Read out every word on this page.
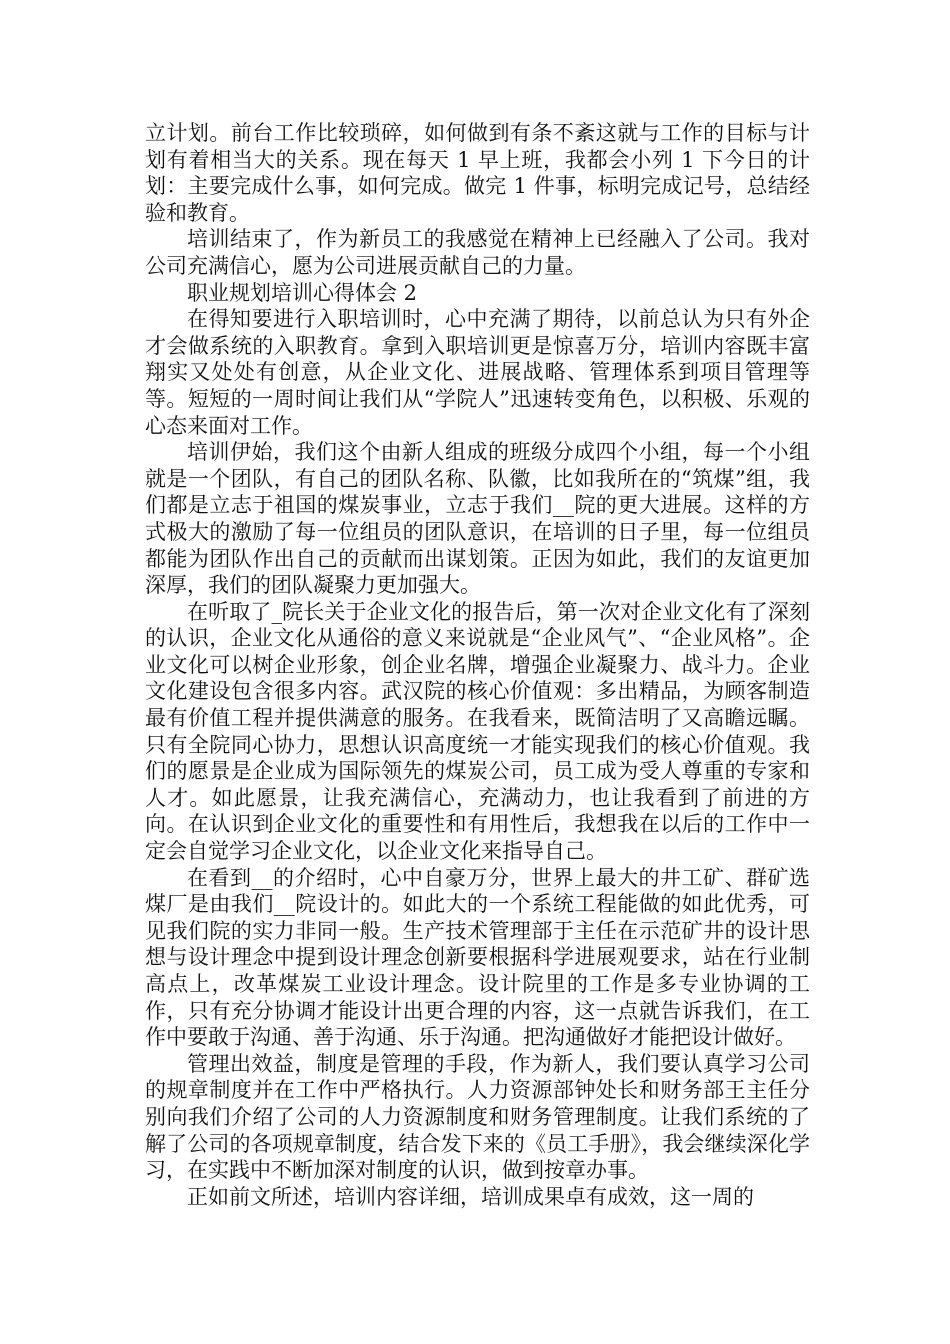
立计划。前台工作比较琐碎，如何做到有条不紊这就与工作的目标与计划有着相当大的关系。现在每天 1 早上班，我都会小列 1 下今日的计划：主要完成什么事，如何完成。做完 1 件事，标明完成记号，总结经验和教育。

培训结束了，作为新员工的我感觉在精神上已经融入了公司。我对公司充满信心，愿为公司进展贡献自己的力量。

职业规划培训心得体会 2

在得知要进行入职培训时，心中充满了期待，以前总认为只有外企才会做系统的入职教育。拿到入职培训更是惊喜万分，培训内容既丰富翔实又处处有创意，从企业文化、进展战略、管理体系到项目管理等等。短短的一周时间让我们从“学院人”迅速转变角色，以积极、乐观的心态来面对工作。

培训伊始，我们这个由新人组成的班级分成四个小组，每一个小组就是一个团队，有自己的团队名称、队徽，比如我所在的“筑煤”组，我们都是立志于祖国的煤炭事业，立志于我们__院的更大进展。这样的方式极大的激励了每一位组员的团队意识，在培训的日子里，每一位组员都能为团队作出自己的贡献而出谋划策。正因为如此，我们的友谊更加深厚，我们的团队凝聚力更加强大。

在听取了_院长关于企业文化的报告后，第一次对企业文化有了深刻的认识，企业文化从通俗的意义来说就是“企业风气”、“企业风格”。企业文化可以树企业形象，创企业名牌，增强企业凝聚力、战斗力。企业文化建设包含很多内容。武汉院的核心价值观：多出精品，为顾客制造最有价值工程并提供满意的服务。在我看来，既简洁明了又高瞻远瞩。只有全院同心协力，思想认识高度统一才能实现我们的核心价值观。我们的愿景是企业成为国际领先的煤炭公司，员工成为受人尊重的专家和人才。如此愿景，让我充满信心，充满动力，也让我看到了前进的方向。在认识到企业文化的重要性和有用性后，我想我在以后的工作中一定会自觉学习企业文化，以企业文化来指导自己。

在看到__的介绍时，心中自豪万分，世界上最大的井工矿、群矿选煤厂是由我们__院设计的。如此大的一个系统工程能做的如此优秀，可见我们院的实力非同一般。生产技术管理部于主任在示范矿井的设计思想与设计理念中提到设计理念创新要根据科学进展观要求，站在行业制高点上，改革煤炭工业设计理念。设计院里的工作是多专业协调的工作，只有充分协调才能设计出更合理的内容，这一点就告诉我们，在工作中要敢于沟通、善于沟通、乐于沟通。把沟通做好才能把设计做好。

管理出效益，制度是管理的手段，作为新人，我们要认真学习公司的规章制度并在工作中严格执行。人力资源部钟处长和财务部王主任分别向我们介绍了公司的人力资源制度和财务管理制度。让我们系统的了解了公司的各项规章制度，结合发下来的《员工手册》，我会继续深化学习，在实践中不断加深对制度的认识，做到按章办事。

正如前文所述，培训内容详细，培训成果卓有成效，这一周的
